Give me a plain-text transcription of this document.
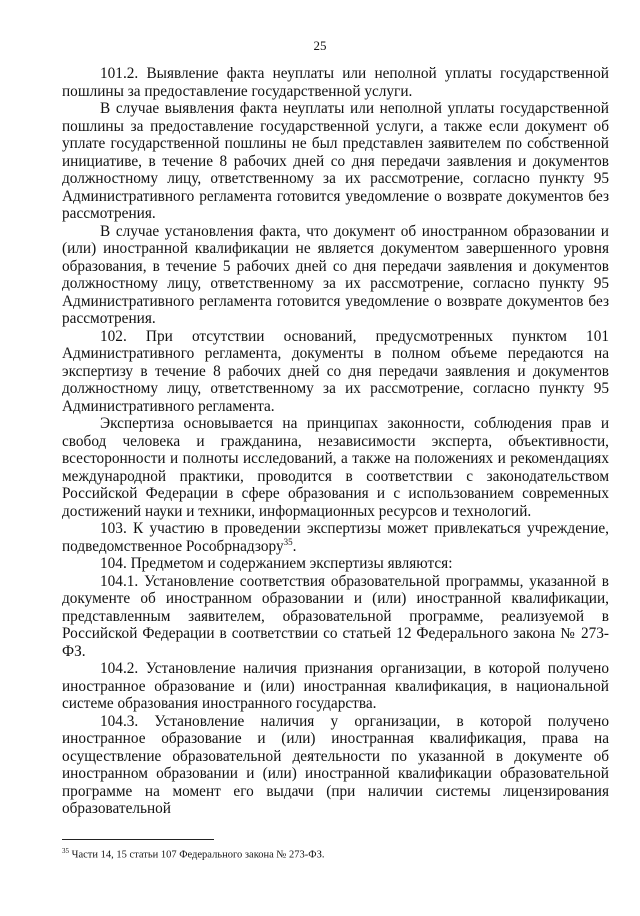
25

101.2. Выявление факта неуплаты или неполной уплаты государственной пошлины за предоставление государственной услуги.

В случае выявления факта неуплаты или неполной уплаты государственной пошлины за предоставление государственной услуги, а также если документ об уплате государственной пошлины не был представлен заявителем по собственной инициативе, в течение 8 рабочих дней со дня передачи заявления и документов должностному лицу, ответственному за их рассмотрение, согласно пункту 95 Административного регламента готовится уведомление о возврате документов без рассмотрения.

В случае установления факта, что документ об иностранном образовании и (или) иностранной квалификации не является документом завершенного уровня образования, в течение 5 рабочих дней со дня передачи заявления и документов должностному лицу, ответственному за их рассмотрение, согласно пункту 95 Административного регламента готовится уведомление о возврате документов без рассмотрения.

102. При отсутствии оснований, предусмотренных пунктом 101 Административного регламента, документы в полном объеме передаются на экспертизу в течение 8 рабочих дней со дня передачи заявления и документов должностному лицу, ответственному за их рассмотрение, согласно пункту 95 Административного регламента.

Экспертиза основывается на принципах законности, соблюдения прав и свобод человека и гражданина, независимости эксперта, объективности, всесторонности и полноты исследований, а также на положениях и рекомендациях международной практики, проводится в соответствии с законодательством Российской Федерации в сфере образования и с использованием современных достижений науки и техники, информационных ресурсов и технологий.

103. К участию в проведении экспертизы может привлекаться учреждение, подведомственное Рособрнадзору$^{35}$.

104. Предметом и содержанием экспертизы являются:

104.1. Установление соответствия образовательной программы, указанной в документе об иностранном образовании и (или) иностранной квалификации, представленным заявителем, образовательной программе, реализуемой в Российской Федерации в соответствии со статьей 12 Федерального закона № 273-ФЗ.

104.2. Установление наличия признания организации, в которой получено иностранное образование и (или) иностранная квалификация, в национальной системе образования иностранного государства.

104.3. Установление наличия у организации, в которой получено иностранное образование и (или) иностранная квалификация, права на осуществление образовательной деятельности по указанной в документе об иностранном образовании и (или) иностранной квалификации образовательной программе на момент его выдачи (при наличии системы лицензирования образовательной

$^{35}$ Части 14, 15 статьи 107 Федерального закона № 273-ФЗ.
